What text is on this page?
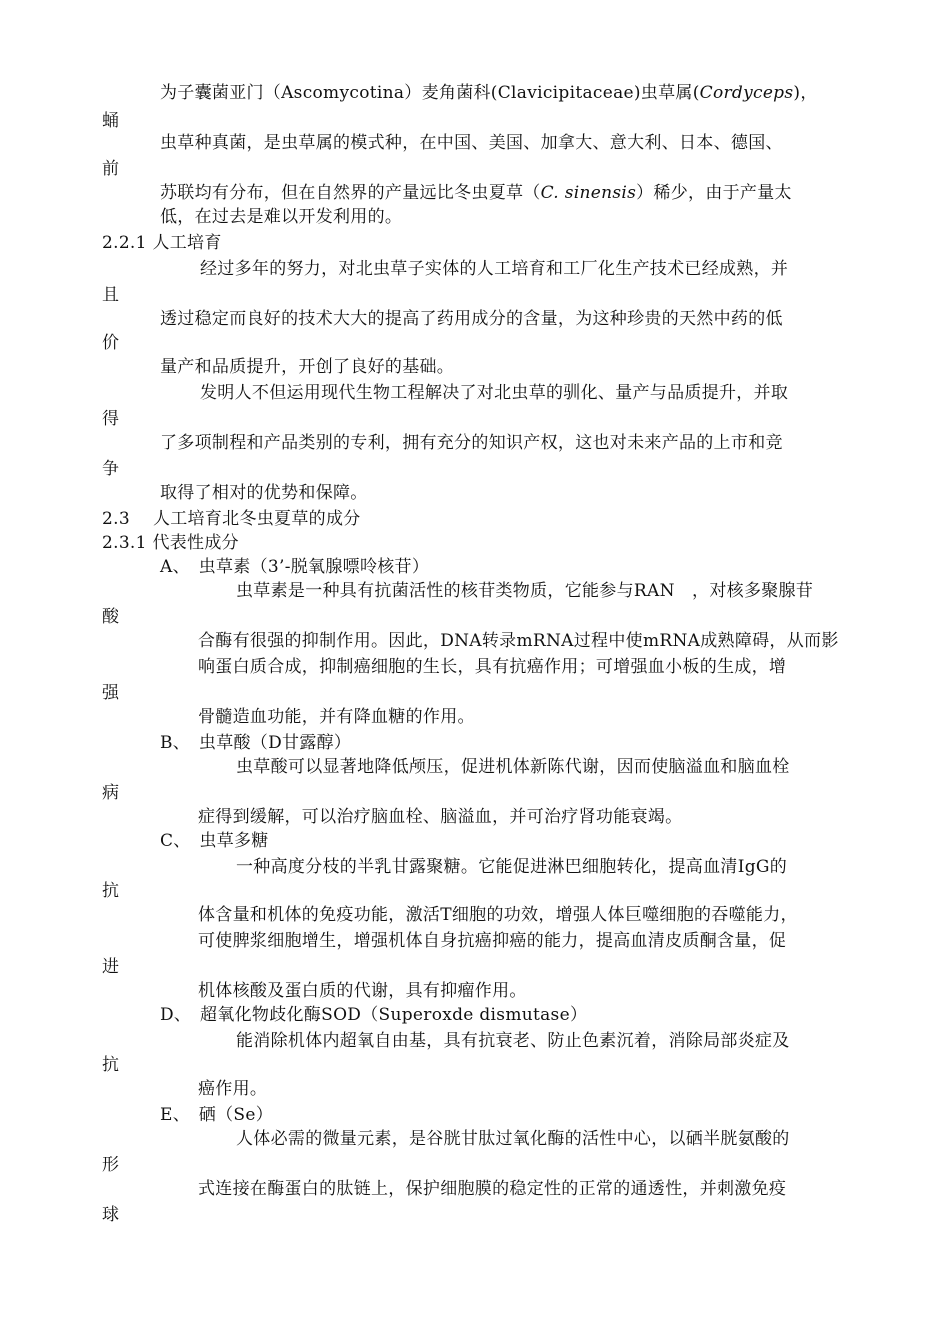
为子囊菌亚门（Ascomycotina）麦角菌科(Clavicipitaceae)虫草属(Cordyceps)，
蛹
虫草种真菌，是虫草属的模式种，在中国、美国、加拿大、意大利、日本、德国、
前
苏联均有分布，但在自然界的产量远比冬虫夏草（C. sinensis）稀少，由于产量太
低，在过去是难以开发利用的。
2.2.1 人工培育
经过多年的努力，对北虫草子实体的人工培育和工厂化生产技术已经成熟，并
且
透过稳定而良好的技术大大的提高了药用成分的含量，为这种珍贵的天然中药的低
价
量产和品质提升，开创了良好的基础。
发明人不但运用现代生物工程解决了对北虫草的驯化、量产与品质提升，并取
得
了多项制程和产品类别的专利，拥有充分的知识产权，这也对未来产品的上市和竞
争
取得了相对的优势和保障。
2.3　 人工培育北冬虫夏草的成分
2.3.1 代表性成分
A、　虫草素（3’-脱氧腺嘌呤核苷）
虫草素是一种具有抗菌活性的核苷类物质，它能参与RAN　，对核多聚腺苷
酸
合酶有很强的抑制作用。因此，DNA转录mRNA过程中使mRNA成熟障碍，从而影
响蛋白质合成，抑制癌细胞的生长，具有抗癌作用；可增强血小板的生成，增
强
骨髓造血功能，并有降血糖的作用。
B、　虫草酸（D甘露醇）
虫草酸可以显著地降低颅压，促进机体新陈代谢，因而使脑溢血和脑血栓
病
症得到缓解，可以治疗脑血栓、脑溢血，并可治疗肾功能衰竭。
C、　虫草多糖
一种高度分枝的半乳甘露聚糖。它能促进淋巴细胞转化，提高血清IgG的
抗
体含量和机体的免疫功能，激活T细胞的功效，增强人体巨噬细胞的吞噬能力，
可使脾浆细胞增生，增强机体自身抗癌抑癌的能力，提高血清皮质酮含量，促
进
机体核酸及蛋白质的代谢，具有抑瘤作用。
D、　超氧化物歧化酶SOD（Superoxde dismutase）
能消除机体内超氧自由基，具有抗衰老、防止色素沉着，消除局部炎症及
抗
癌作用。
E、　硒（Se）
人体必需的微量元素，是谷胱甘肽过氧化酶的活性中心，以硒半胱氨酸的
形
式连接在酶蛋白的肽链上，保护细胞膜的稳定性的正常的通透性，并刺激免疫
球
